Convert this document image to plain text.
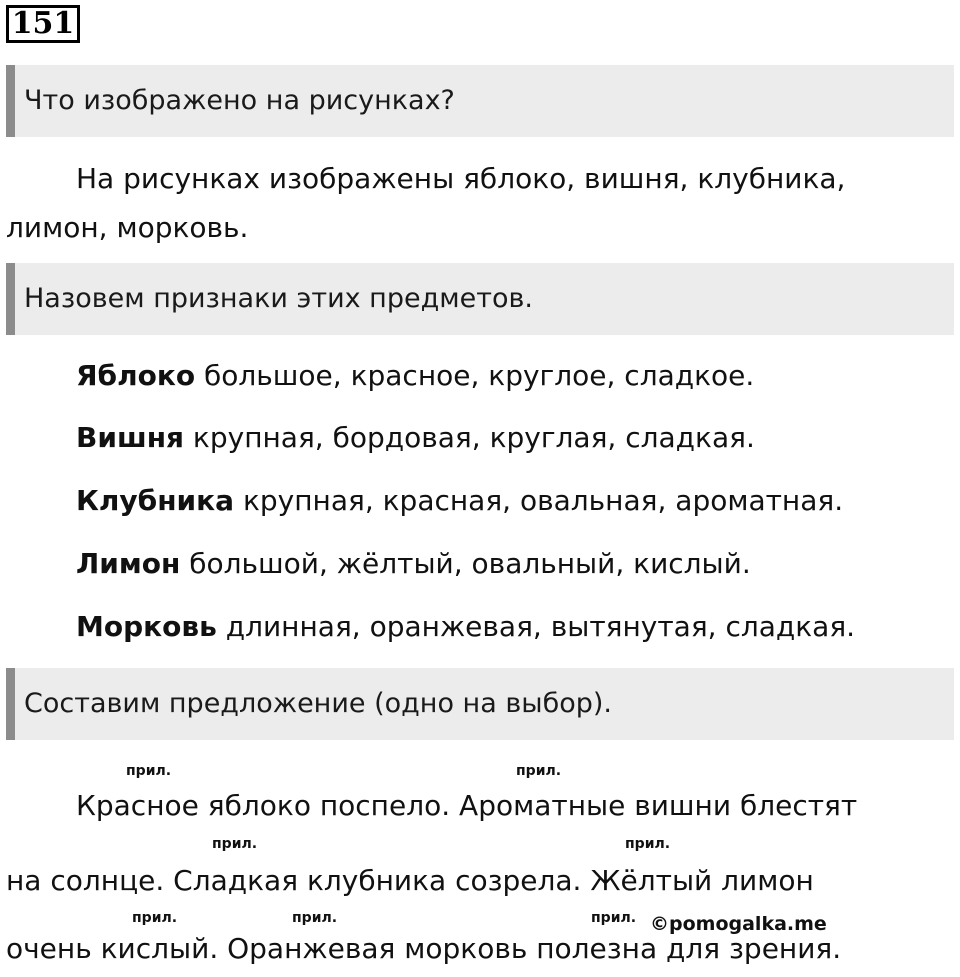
151
Что изображено на рисунках?
На рисунках изображены яблоко, вишня, клубника,
лимон, морковь.
Назовем признаки этих предметов.
Яблоко большое, красное, круглое, сладкое.
Вишня крупная, бордовая, круглая, сладкая.
Клубника крупная, красная, овальная, ароматная.
Лимон большой, жёлтый, овальный, кислый.
Морковь длинная, оранжевая, вытянутая, сладкая.
Составим предложение (одно на выбор).
прил.	прил.
Красное яблоко поспело. Ароматные вишни блестят
прил.	прил.
на солнце. Сладкая клубника созрела. Жёлтый лимон
прил.	прил.	прил. ©pomogalka.me
очень кислый. Оранжевая морковь полезна для зрения.
